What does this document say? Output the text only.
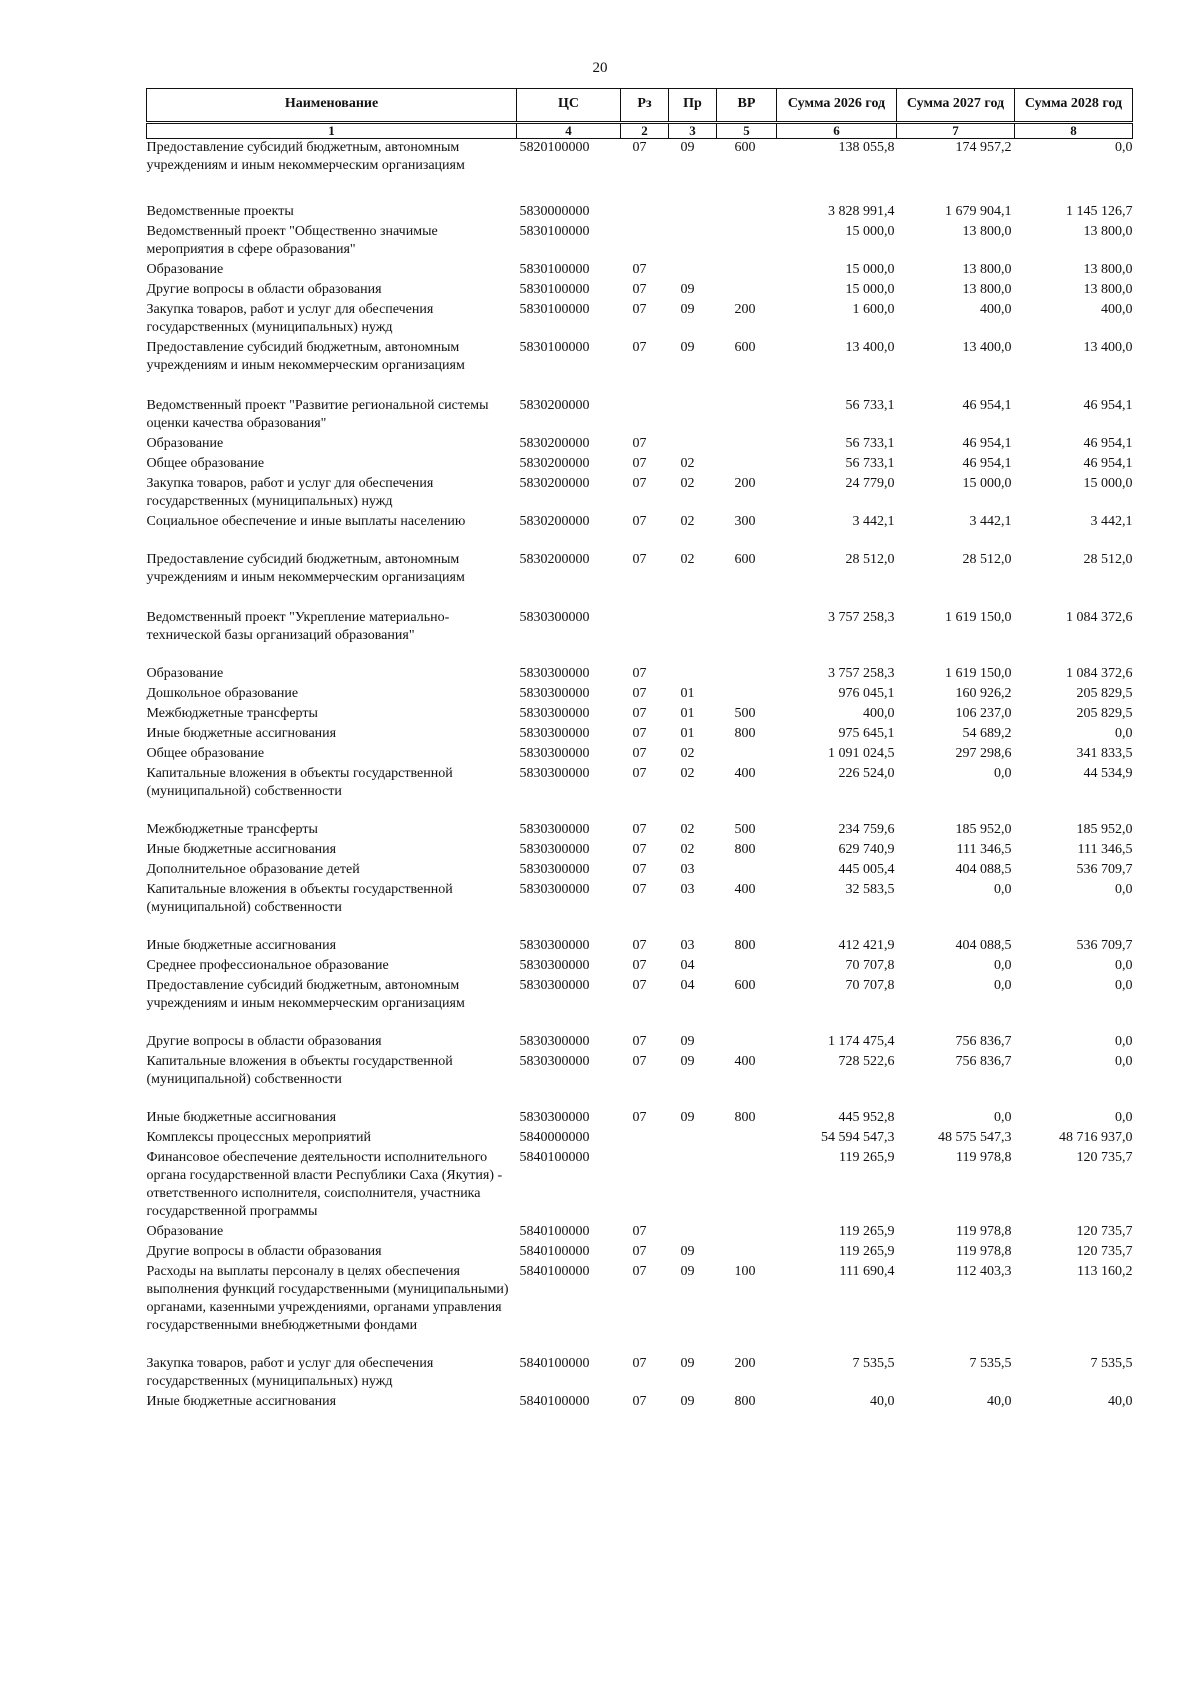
20
Наименование	ЦС	Рз	Пр	ВР	Сумма 2026 год	Сумма 2027 год	Сумма 2028 год
1	4	2	3	5	6	7	8
Предоставление субсидий бюджетным, автономным учреждениям и иным некоммерческим организациям	5820100000	07	09	600	138 055,8	174 957,2	0,0
Ведомственные проекты	5830000000				3 828 991,4	1 679 904,1	1 145 126,7
Ведомственный проект "Общественно значимые мероприятия в сфере образования"	5830100000				15 000,0	13 800,0	13 800,0
Образование	5830100000	07			15 000,0	13 800,0	13 800,0
Другие вопросы в области образования	5830100000	07	09		15 000,0	13 800,0	13 800,0
Закупка товаров, работ и услуг для обеспечения государственных (муниципальных) нужд	5830100000	07	09	200	1 600,0	400,0	400,0
Предоставление субсидий бюджетным, автономным учреждениям и иным некоммерческим организациям	5830100000	07	09	600	13 400,0	13 400,0	13 400,0
Ведомственный проект "Развитие региональной системы оценки качества образования"	5830200000				56 733,1	46 954,1	46 954,1
Образование	5830200000	07			56 733,1	46 954,1	46 954,1
Общее образование	5830200000	07	02		56 733,1	46 954,1	46 954,1
Закупка товаров, работ и услуг для обеспечения государственных (муниципальных) нужд	5830200000	07	02	200	24 779,0	15 000,0	15 000,0
Социальное обеспечение и иные выплаты населению	5830200000	07	02	300	3 442,1	3 442,1	3 442,1
Предоставление субсидий бюджетным, автономным учреждениям и иным некоммерческим организациям	5830200000	07	02	600	28 512,0	28 512,0	28 512,0
Ведомственный проект "Укрепление материально-технической базы организаций образования"	5830300000				3 757 258,3	1 619 150,0	1 084 372,6
Образование	5830300000	07			3 757 258,3	1 619 150,0	1 084 372,6
Дошкольное образование	5830300000	07	01		976 045,1	160 926,2	205 829,5
Межбюджетные трансферты	5830300000	07	01	500	400,0	106 237,0	205 829,5
Иные бюджетные ассигнования	5830300000	07	01	800	975 645,1	54 689,2	0,0
Общее образование	5830300000	07	02		1 091 024,5	297 298,6	341 833,5
Капитальные вложения в объекты государственной (муниципальной) собственности	5830300000	07	02	400	226 524,0	0,0	44 534,9
Межбюджетные трансферты	5830300000	07	02	500	234 759,6	185 952,0	185 952,0
Иные бюджетные ассигнования	5830300000	07	02	800	629 740,9	111 346,5	111 346,5
Дополнительное образование детей	5830300000	07	03		445 005,4	404 088,5	536 709,7
Капитальные вложения в объекты государственной (муниципальной) собственности	5830300000	07	03	400	32 583,5	0,0	0,0
Иные бюджетные ассигнования	5830300000	07	03	800	412 421,9	404 088,5	536 709,7
Среднее профессиональное образование	5830300000	07	04		70 707,8	0,0	0,0
Предоставление субсидий бюджетным, автономным учреждениям и иным некоммерческим организациям	5830300000	07	04	600	70 707,8	0,0	0,0
Другие вопросы в области образования	5830300000	07	09		1 174 475,4	756 836,7	0,0
Капитальные вложения в объекты государственной (муниципальной) собственности	5830300000	07	09	400	728 522,6	756 836,7	0,0
Иные бюджетные ассигнования	5830300000	07	09	800	445 952,8	0,0	0,0
Комплексы процессных мероприятий	5840000000				54 594 547,3	48 575 547,3	48 716 937,0
Финансовое обеспечение деятельности исполнительного органа государственной власти Республики Саха (Якутия) - ответственного исполнителя, соисполнителя, участника государственной программы	5840100000				119 265,9	119 978,8	120 735,7
Образование	5840100000	07			119 265,9	119 978,8	120 735,7
Другие вопросы в области образования	5840100000	07	09		119 265,9	119 978,8	120 735,7
Расходы на выплаты персоналу в целях обеспечения выполнения функций государственными (муниципальными) органами, казенными учреждениями, органами управления государственными внебюджетными фондами	5840100000	07	09	100	111 690,4	112 403,3	113 160,2
Закупка товаров, работ и услуг для обеспечения государственных (муниципальных) нужд	5840100000	07	09	200	7 535,5	7 535,5	7 535,5
Иные бюджетные ассигнования	5840100000	07	09	800	40,0	40,0	40,0
